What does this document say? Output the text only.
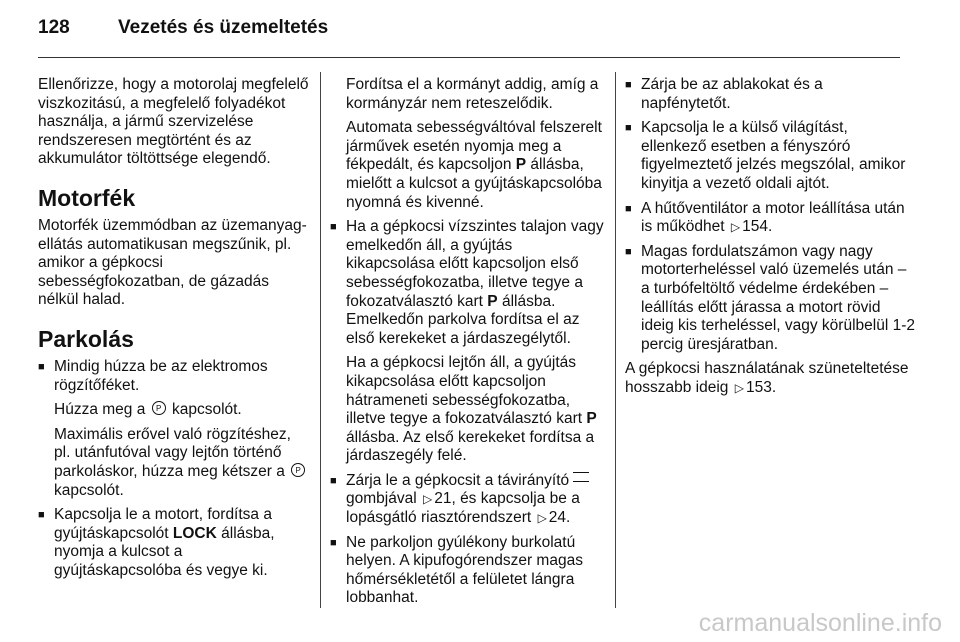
128	Vezetés és üzemeltetés

Ellenőrizze, hogy a motorolaj megfelelő viszkozitású, a megfelelő folyadékot használja, a jármű szervizelése rendszeresen megtörtént és az akkumulátor töltöttsége elegendő.

Motorfék

Motorfék üzemmódban az üzemanyag-ellátás automatikusan megszűnik, pl. amikor a gépkocsi sebességfokozatban, de gázadás nélkül halad.

Parkolás
■ Mindig húzza be az elektromos rögzítőféket.
Húzza meg a P kapcsolót.
Maximális erővel való rögzítéshez, pl. utánfutóval vagy lejtőn történő parkoláskor, húzza meg kétszer a P kapcsolót.
■ Kapcsolja le a motort, fordítsa a gyújtáskapcsolót LOCK állásba, nyomja a kulcsot a gyújtáskapcsolóba és vegye ki.

Fordítsa el a kormányt addig, amíg a kormányzár nem reteszelődik.

Automata sebességváltóval felszerelt járművek esetén nyomja meg a fékpedált, és kapcsoljon P állásba, mielőtt a kulcsot a gyújtáskapcsolóba nyomná és kivenné.

■ Ha a gépkocsi vízszintes talajon vagy emelkedőn áll, a gyújtás kikapcsolása előtt kapcsoljon első sebességfokozatba, illetve tegye a fokozatválasztó kart P állásba. Emelkedőn parkolva fordítsa el az első kerekeket a járdaszegélytől.
Ha a gépkocsi lejtőn áll, a gyújtás kikapcsolása előtt kapcsoljon hátrameneti sebességfokozatba, illetve tegye a fokozatválasztó kart P állásba. Az első kerekeket fordítsa a járdaszegély felé.
■ Zárja le a gépkocsit a távirányító gombjával ▷ 21, és kapcsolja be a lopásgátló riasztórendszert ▷ 24.
■ Ne parkoljon gyúlékony burkolatú helyen. A kipufogórendszer magas hőmérsékletétől a felületet lángra lobbanhat.
■ Zárja be az ablakokat és a napfénytetőt.
■ Kapcsolja le a külső világítást, ellenkező esetben a fényszóró figyelmeztető jelzés megszólal, amikor kinyitja a vezető oldali ajtót.
■ A hűtőventilátor a motor leállítása után is működhet ▷ 154.
■ Magas fordulatszámon vagy nagy motorterheléssel való üzemelés után – a turbófeltöltő védelme érdekében – leállítás előtt járassa a motort rövid ideig kis terheléssel, vagy körülbelül 1-2 percig üresjáratban.

A gépkocsi használatának szüneteltetése hosszabb ideig ▷ 153.

carmanualsonline.info
